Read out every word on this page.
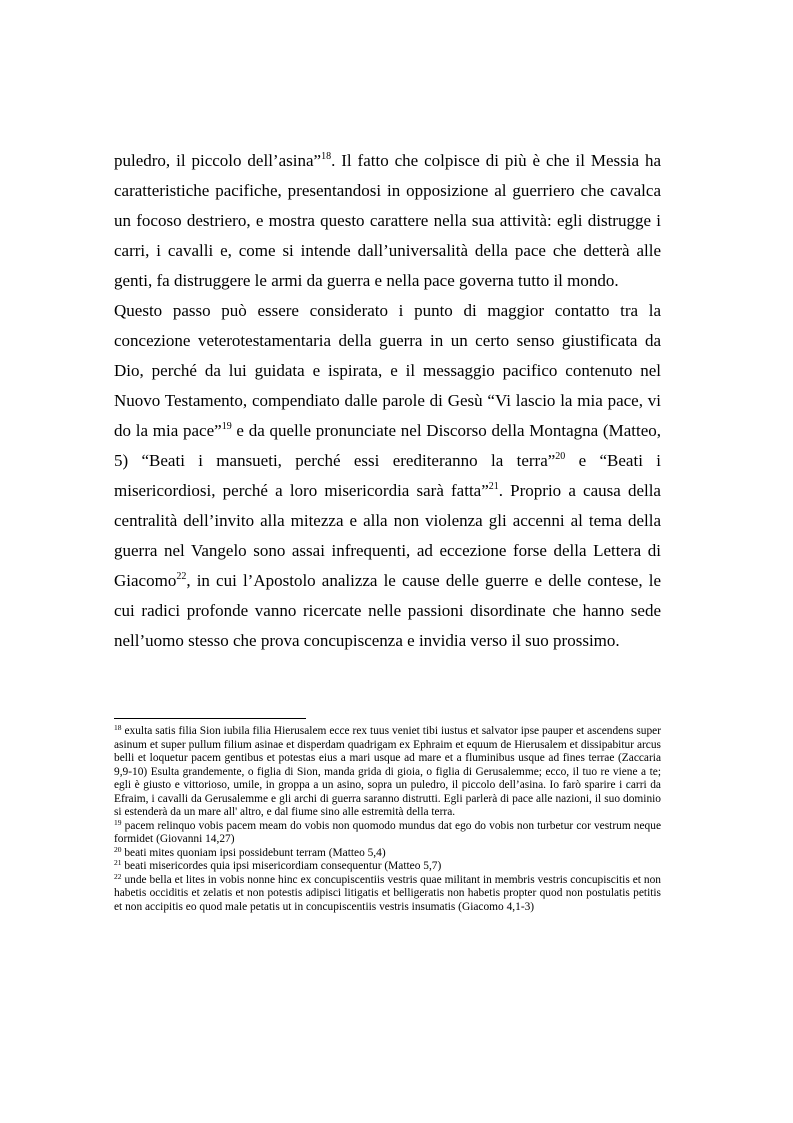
puledro, il piccolo dell’asina”$^{18}$. Il fatto che colpisce di più è che il Messia ha caratteristiche pacifiche, presentandosi in opposizione al guerriero che cavalca un focoso destriero, e mostra questo carattere nella sua attività: egli distrugge i carri, i cavalli e, come si intende dall’universalità della pace che detterà alle genti, fa distruggere le armi da guerra e nella pace governa tutto il mondo.

Questo passo può essere considerato i punto di maggior contatto tra la concezione veterotestamentaria della guerra in un certo senso giustificata da Dio, perché da lui guidata e ispirata, e il messaggio pacifico contenuto nel Nuovo Testamento, compendiato dalle parole di Gesù “Vi lascio la mia pace, vi do la mia pace”$^{19}$ e da quelle pronunciate nel Discorso della Montagna (Matteo, 5) “Beati i mansueti, perché essi erediteranno la terra”$^{20}$ e “Beati i misericordiosi, perché a loro misericordia sarà fatta”$^{21}$. Proprio a causa della centralità dell’invito alla mitezza e alla non violenza gli accenni al tema della guerra nel Vangelo sono assai infrequenti, ad eccezione forse della Lettera di Giacomo$^{22}$, in cui l’Apostolo analizza le cause delle guerre e delle contese, le cui radici profonde vanno ricercate nelle passioni disordinate che hanno sede nell’uomo stesso che prova concupiscenza e invidia verso il suo prossimo.

$^{18}$ exulta satis filia Sion iubila filia Hierusalem ecce rex tuus veniet tibi iustus et salvator ipse pauper et ascendens super asinum et super pullum filium asinae et disperdam quadrigam ex Ephraim et equum de Hierusalem et dissipabitur arcus belli et loquetur pacem gentibus et potestas eius a mari usque ad mare et a fluminibus usque ad fines terrae (Zaccaria 9,9-10) Esulta grandemente, o figlia di Sion, manda grida di gioia, o figlia di Gerusalemme; ecco, il tuo re viene a te; egli è giusto e vittorioso, umile, in groppa a un asino, sopra un puledro, il piccolo dell’asina. Io farò sparire i carri da Efraim, i cavalli da Gerusalemme e gli archi di guerra saranno distrutti. Egli parlerà di pace alle nazioni, il suo dominio si estenderà da un mare all' altro, e dal fiume sino alle estremità della terra.

$^{19}$ pacem relinquo vobis pacem meam do vobis non quomodo mundus dat ego do vobis non turbetur cor vestrum neque formidet (Giovanni 14,27)

$^{20}$ beati mites quoniam ipsi possidebunt terram (Matteo 5,4)

$^{21}$ beati misericordes quia ipsi misericordiam consequentur (Matteo 5,7)

$^{22}$ unde bella et lites in vobis nonne hinc ex concupiscentiis vestris quae militant in membris vestris concupiscitis et non habetis occiditis et zelatis et non potestis adipisci litigatis et belligeratis non habetis propter quod non postulatis petitis et non accipitis eo quod male petatis ut in concupiscentiis vestris insumatis (Giacomo 4,1-3)
